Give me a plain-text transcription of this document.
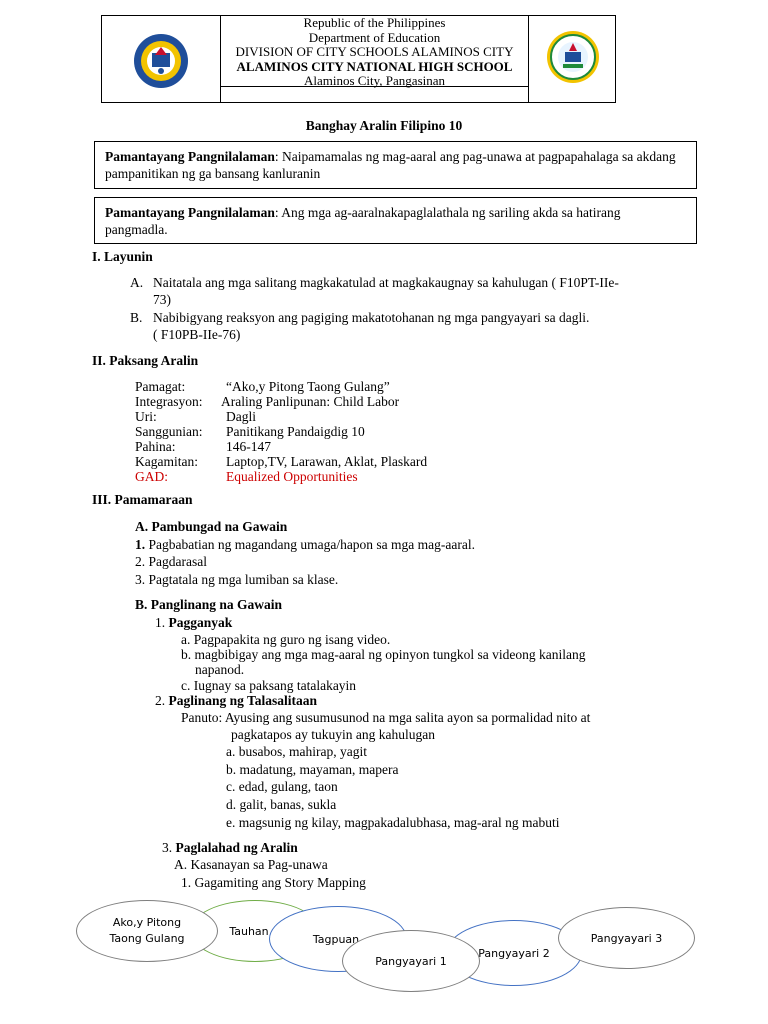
Republic of the Philippines
Department of Education
DIVISION OF CITY SCHOOLS ALAMINOS CITY
ALAMINOS CITY NATIONAL HIGH SCHOOL
Alaminos City, Pangasinan
Banghay Aralin Filipino 10
Pamantayang Pangnilalaman: Naipamamalas ng mag-aaral ang pag-unawa at pagpapahalaga sa akdang pampanitikan ng ga bansang kanluranin
Pamantayang Pangnilalaman: Ang mga ag-aaralnakapaglalathala ng sariling akda sa hatirang pangmadla.
I. Layunin
A. Naitatala ang mga salitang magkakatulad at magkakaugnay sa kahulugan ( F10PT-IIe-
73)
B. Nabibigyang reaksyon ang pagiging makatotohanan ng mga pangyayari sa dagli.
( F10PB-IIe-76)
II. Paksang Aralin
Pamagat:	“Ako,y Pitong Taong Gulang”
Integrasyon: Araling Panlipunan: Child Labor
Uri:	Dagli
Sanggunian: Panitikang Pandaigdig 10
Pahina:	146-147
Kagamitan: Laptop,TV, Larawan, Aklat, Plaskard
GAD:	Equalized Opportunities
III. Pamamaraan
A. Pambungad na Gawain
1. Pagbabatian ng magandang umaga/hapon sa mga mag-aaral.
2. Pagdarasal
3. Pagtatala ng mga lumiban sa klase.
B. Panglinang na Gawain
1. Pagganyak
a. Pagpapakita ng guro ng isang video.
b. magbibigay ang mga mag-aaral ng opinyon tungkol sa videong kanilang
napanod.
c. Iugnay sa paksang tatalakayin
2. Paglinang ng Talasalitaan
Panuto: Ayusing ang susumusunod na mga salita ayon sa pormalidad nito at
pagkatapos ay tukuyin ang kahulugan
a. busabos, mahirap, yagit
b. madatung, mayaman, mapera
c. edad, gulang, taon
d. galit, banas, sukla
e. magsunig ng kilay, magpakadalubhasa, mag-aral ng mabuti
3. Paglalahad ng Aralin
A. Kasanayan sa Pag-unawa
1. Gagamiting ang Story Mapping
Tauhan
Ako,y Pitong Taong Gulang	Tagpuan
Pangyayari 2
Pangyayari 3
Pangyayari 1
